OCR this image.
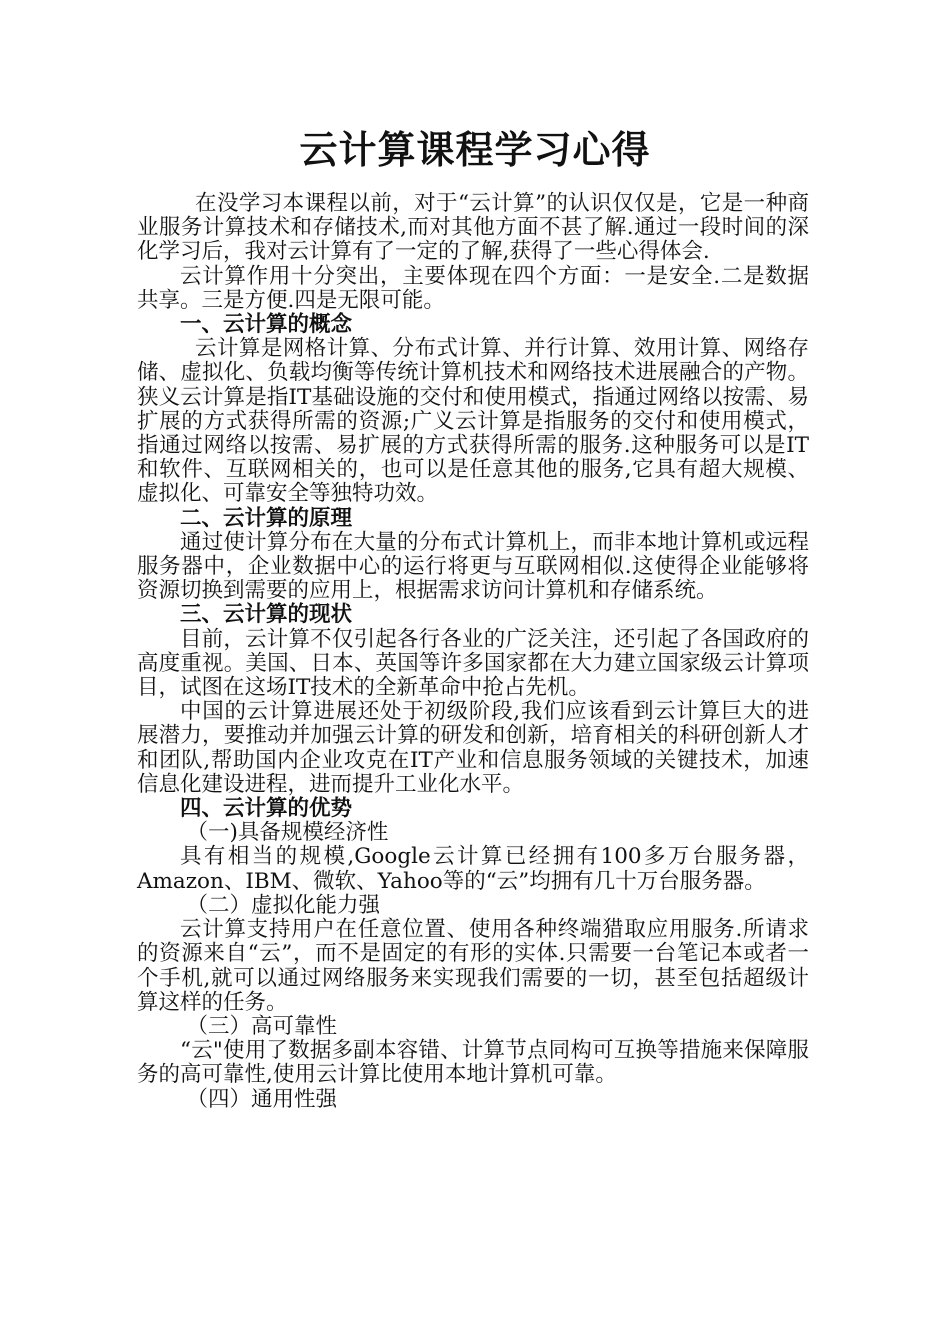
云计算课程学习心得

在没学习本课程以前，对于“云计算”的认识仅仅是，它是一种商业服务计算技术和存储技术,而对其他方面不甚了解.通过一段时间的深化学习后，我对云计算有了一定的了解,获得了一些心得体会.

云计算作用十分突出，主要体现在四个方面：一是安全.二是数据共享。三是方便.四是无限可能。

一、云计算的概念

云计算是网格计算、分布式计算、并行计算、效用计算、网络存储、虚拟化、负载均衡等传统计算机技术和网络技术进展融合的产物。狭义云计算是指IT基础设施的交付和使用模式，指通过网络以按需、易扩展的方式获得所需的资源;广义云计算是指服务的交付和使用模式，指通过网络以按需、易扩展的方式获得所需的服务.这种服务可以是IT和软件、互联网相关的，也可以是任意其他的服务,它具有超大规模、虚拟化、可靠安全等独特功效。

二、云计算的原理

通过使计算分布在大量的分布式计算机上，而非本地计算机或远程服务器中，企业数据中心的运行将更与互联网相似.这使得企业能够将资源切换到需要的应用上，根据需求访问计算机和存储系统。

三、云计算的现状

目前，云计算不仅引起各行各业的广泛关注，还引起了各国政府的高度重视。美国、日本、英国等许多国家都在大力建立国家级云计算项目，试图在这场IT技术的全新革命中抢占先机。

中国的云计算进展还处于初级阶段,我们应该看到云计算巨大的进展潜力，要推动并加强云计算的研发和创新，培育相关的科研创新人才和团队,帮助国内企业攻克在IT产业和信息服务领域的关键技术，加速信息化建设进程，进而提升工业化水平。

四、云计算的优势

（一)具备规模经济性

具有相当的规模,Google云计算已经拥有100多万台服务器，Amazon、IBM、微软、Yahoo等的“云”均拥有几十万台服务器。

（二）虚拟化能力强

云计算支持用户在任意位置、使用各种终端猎取应用服务.所请求的资源来自“云”，而不是固定的有形的实体.只需要一台笔记本或者一个手机,就可以通过网络服务来实现我们需要的一切，甚至包括超级计算这样的任务。

（三）高可靠性

“云"使用了数据多副本容错、计算节点同构可互换等措施来保障服务的高可靠性,使用云计算比使用本地计算机可靠。

（四）通用性强
